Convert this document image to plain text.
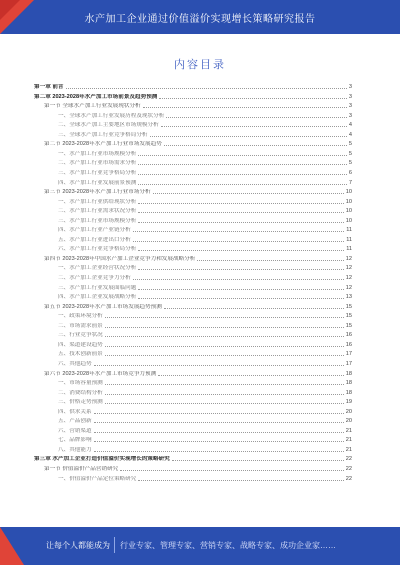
水产加工企业通过价值溢价实现增长策略研究报告
内容目录
第一章 前言	3
第二章 2023-2028年水产加工市场前景及趋势预测	3
第一节 全球水产加工行业发展现状分析	3
一、全球水产加工行业发展历程及现状分析	3
二、全球水产加工主要地区市场规模分析	4
三、全球水产加工行业竞争格局分析	4
第二节 2023-2028年水产加工行业市场发展趋势	5
一、水产加工行业市场规模分析	5
二、水产加工行业市场需求分析	5
三、水产加工行业竞争格局分析	6
四、水产加工行业发展前景预测	7
第三节 2023-2028年水产加工行业市场分析	10
一、水产加工行业供给现状分析	10
二、水产加工行业需求状况分析	10
三、水产加工行业市场规模分析	10
四、水产加工行业产业链分析	11
五、水产加工行业进出口分析	11
六、水产加工行业竞争格局分析	11
第四节 2023-2028年中国水产加工企业竞争力和发展战略分析	12
一、水产加工企业经营状况分析	12
二、水产加工企业竞争力分析	12
三、水产加工行业发展面临问题	12
四、水产加工企业发展战略分析	13
第五节 2023-2028年水产加工市场发展趋势预测	15
一、政策环境分析	15
二、市场需求前景	15
三、行业竞争状况	16
四、渠道建设趋势	16
五、技术创新前景	17
六、其他趋势	17
第六节 2023-2028年水产加工市场竞争力预测	18
一、市场容量预测	18
二、消费结构分析	18
三、价格走势预测	19
四、供求关系	20
五、产品创新	20
六、营销渠道	21
七、品牌影响	21
八、其他能力	21
第三章 水产加工企业打造价值溢价实现增长的策略研究	22
第一节 价值溢价产品营销研究	22
一、价值溢价产品定位策略研究	22
让每个人都能成为 行业专家、管理专家、营销专家、战略专家、成功企业家……
